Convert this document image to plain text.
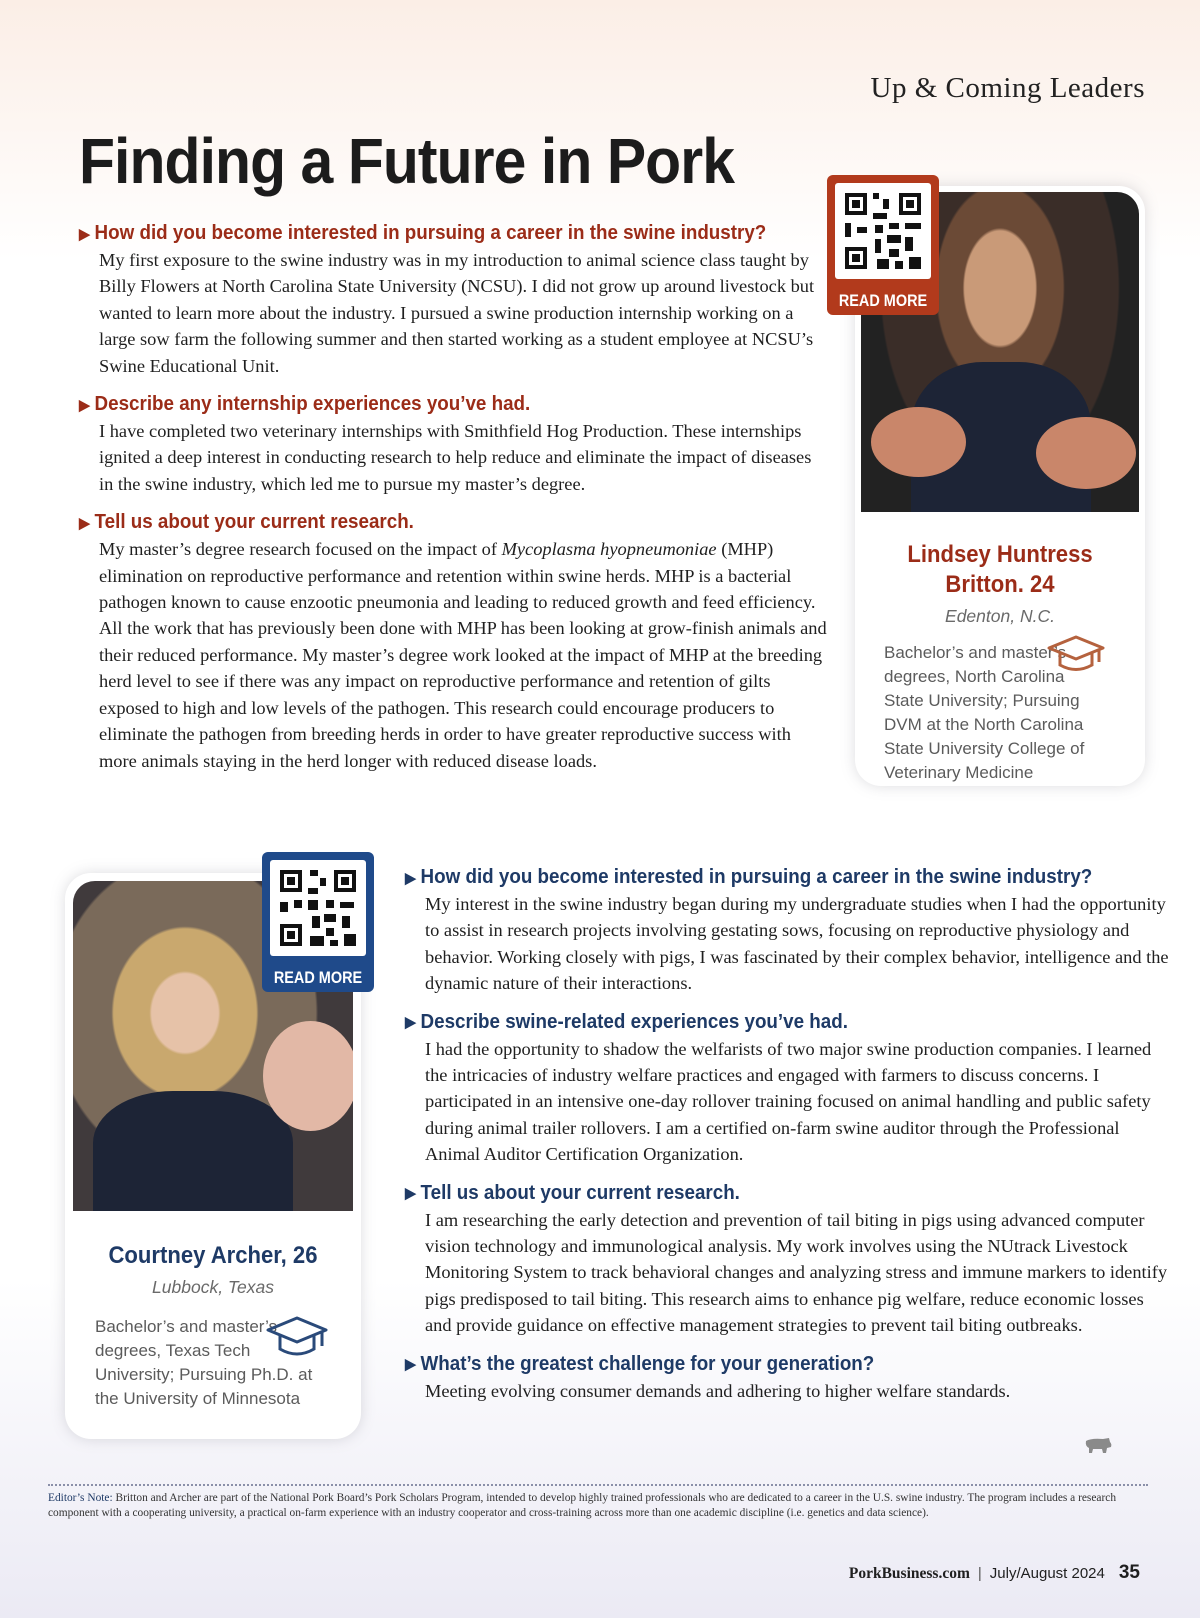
Up & Coming Leaders
Finding a Future in Pork

▶ How did you become interested in pursuing a career in the swine industry?

My first exposure to the swine industry was in my introduction to animal science class taught by Billy Flowers at North Carolina State University (NCSU). I did not grow up around livestock but wanted to learn more about the industry. I pursued a swine production internship working on a large sow farm the following summer and then started working as a student employee at NCSU’s Swine Educational Unit.

▶ Describe any internship experiences you’ve had.

I have completed two veterinary internships with Smithfield Hog Production. These internships ignited a deep interest in conducting research to help reduce and eliminate the impact of diseases in the swine industry, which led me to pursue my master’s degree.

▶ Tell us about your current research.

My master’s degree research focused on the impact of Mycoplasma hyopneumoniae (MHP) elimination on reproductive performance and retention within swine herds. MHP is a bacterial pathogen known to cause enzootic pneumonia and leading to reduced growth and feed efficiency. All the work that has previously been done with MHP has been looking at grow-finish animals and their reduced performance. My master’s degree work looked at the impact of MHP at the breeding herd level to see if there was any impact on reproductive performance and retention of gilts exposed to high and low levels of the pathogen. This research could encourage producers to eliminate the pathogen from breeding herds in order to have greater reproductive success with more animals staying in the herd longer with reduced disease loads.

Lindsey Huntress

Britton. 24

Edenton, N.C.

Bachelor’s and master’s degrees, North Carolina State University; Pursuing DVM at the North Carolina State University College of Veterinary Medicine

READ MORE

Courtney Archer, 26

Lubbock, Texas

Bachelor’s and master’s degrees, Texas Tech University; Pursuing Ph.D. at the University of Minnesota

READ MORE

▶ How did you become interested in pursuing a career in the swine industry?

My interest in the swine industry began during my undergraduate studies when I had the opportunity to assist in research projects involving gestating sows, focusing on reproductive physiology and behavior. Working closely with pigs, I was fascinated by their complex behavior, intelligence and the dynamic nature of their interactions.

▶ Describe swine-related experiences you’ve had.

I had the opportunity to shadow the welfarists of two major swine production companies. I learned the intricacies of industry welfare practices and engaged with farmers to discuss concerns. I participated in an intensive one-day rollover training focused on animal handling and public safety during animal trailer rollovers. I am a certified on-farm swine auditor through the Professional Animal Auditor Certification Organization.

▶ Tell us about your current research.

I am researching the early detection and prevention of tail biting in pigs using advanced computer vision technology and immunological analysis. My work involves using the NUtrack Livestock Monitoring System to track behavioral changes and analyzing stress and immune markers to identify pigs predisposed to tail biting. This research aims to enhance pig welfare, reduce economic losses and provide guidance on effective management strategies to prevent tail biting outbreaks.

▶ What’s the greatest challenge for your generation?

Meeting evolving consumer demands and adhering to higher welfare standards.

Editor’s Note: Britton and Archer are part of the National Pork Board’s Pork Scholars Program, intended to develop highly trained professionals who are dedicated to a career in the U.S. swine industry. The program includes a research component with a cooperating university, a practical on-farm experience with an industry cooperator and cross-training across more than one academic discipline (i.e. genetics and data science).

PorkBusiness.com | July/August 2024 35
